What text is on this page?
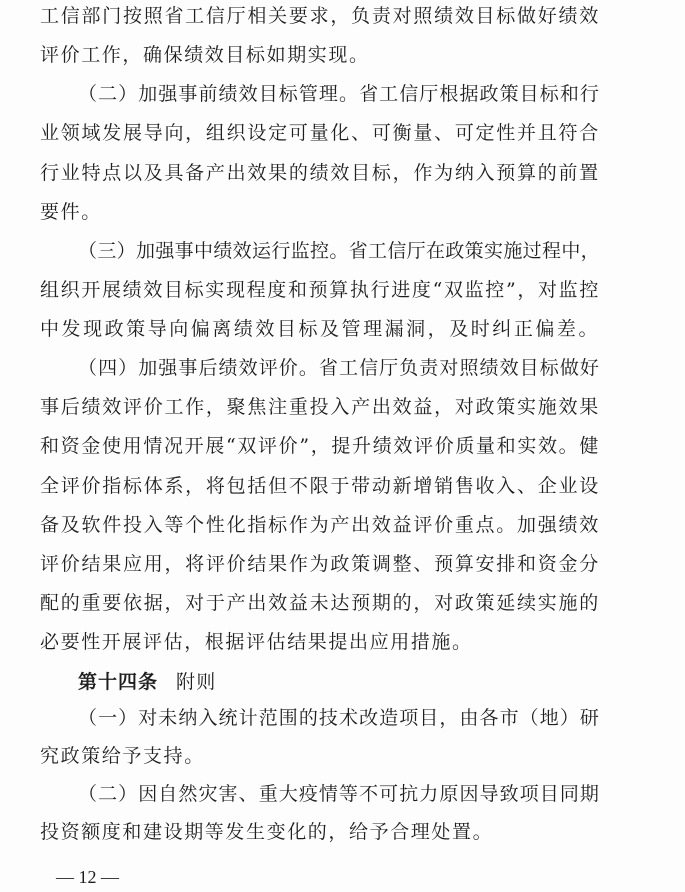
工信部门按照省工信厅相关要求，负责对照绩效目标做好绩效
评价工作，确保绩效目标如期实现。
（二）加强事前绩效目标管理。省工信厅根据政策目标和行
业领域发展导向，组织设定可量化、可衡量、可定性并且符合
行业特点以及具备产出效果的绩效目标，作为纳入预算的前置
要件。
（三）加强事中绩效运行监控。省工信厅在政策实施过程中，
组织开展绩效目标实现程度和预算执行进度“双监控”，对监控
中发现政策导向偏离绩效目标及管理漏洞，及时纠正偏差。
（四）加强事后绩效评价。省工信厅负责对照绩效目标做好
事后绩效评价工作，聚焦注重投入产出效益，对政策实施效果
和资金使用情况开展“双评价”，提升绩效评价质量和实效。健
全评价指标体系，将包括但不限于带动新增销售收入、企业设
备及软件投入等个性化指标作为产出效益评价重点。加强绩效
评价结果应用，将评价结果作为政策调整、预算安排和资金分
配的重要依据，对于产出效益未达预期的，对政策延续实施的
必要性开展评估，根据评估结果提出应用措施。
第十四条 附则
（一）对未纳入统计范围的技术改造项目，由各市（地）研
究政策给予支持。
（二）因自然灾害、重大疫情等不可抗力原因导致项目同期
投资额度和建设期等发生变化的，给予合理处置。
— 12 —
